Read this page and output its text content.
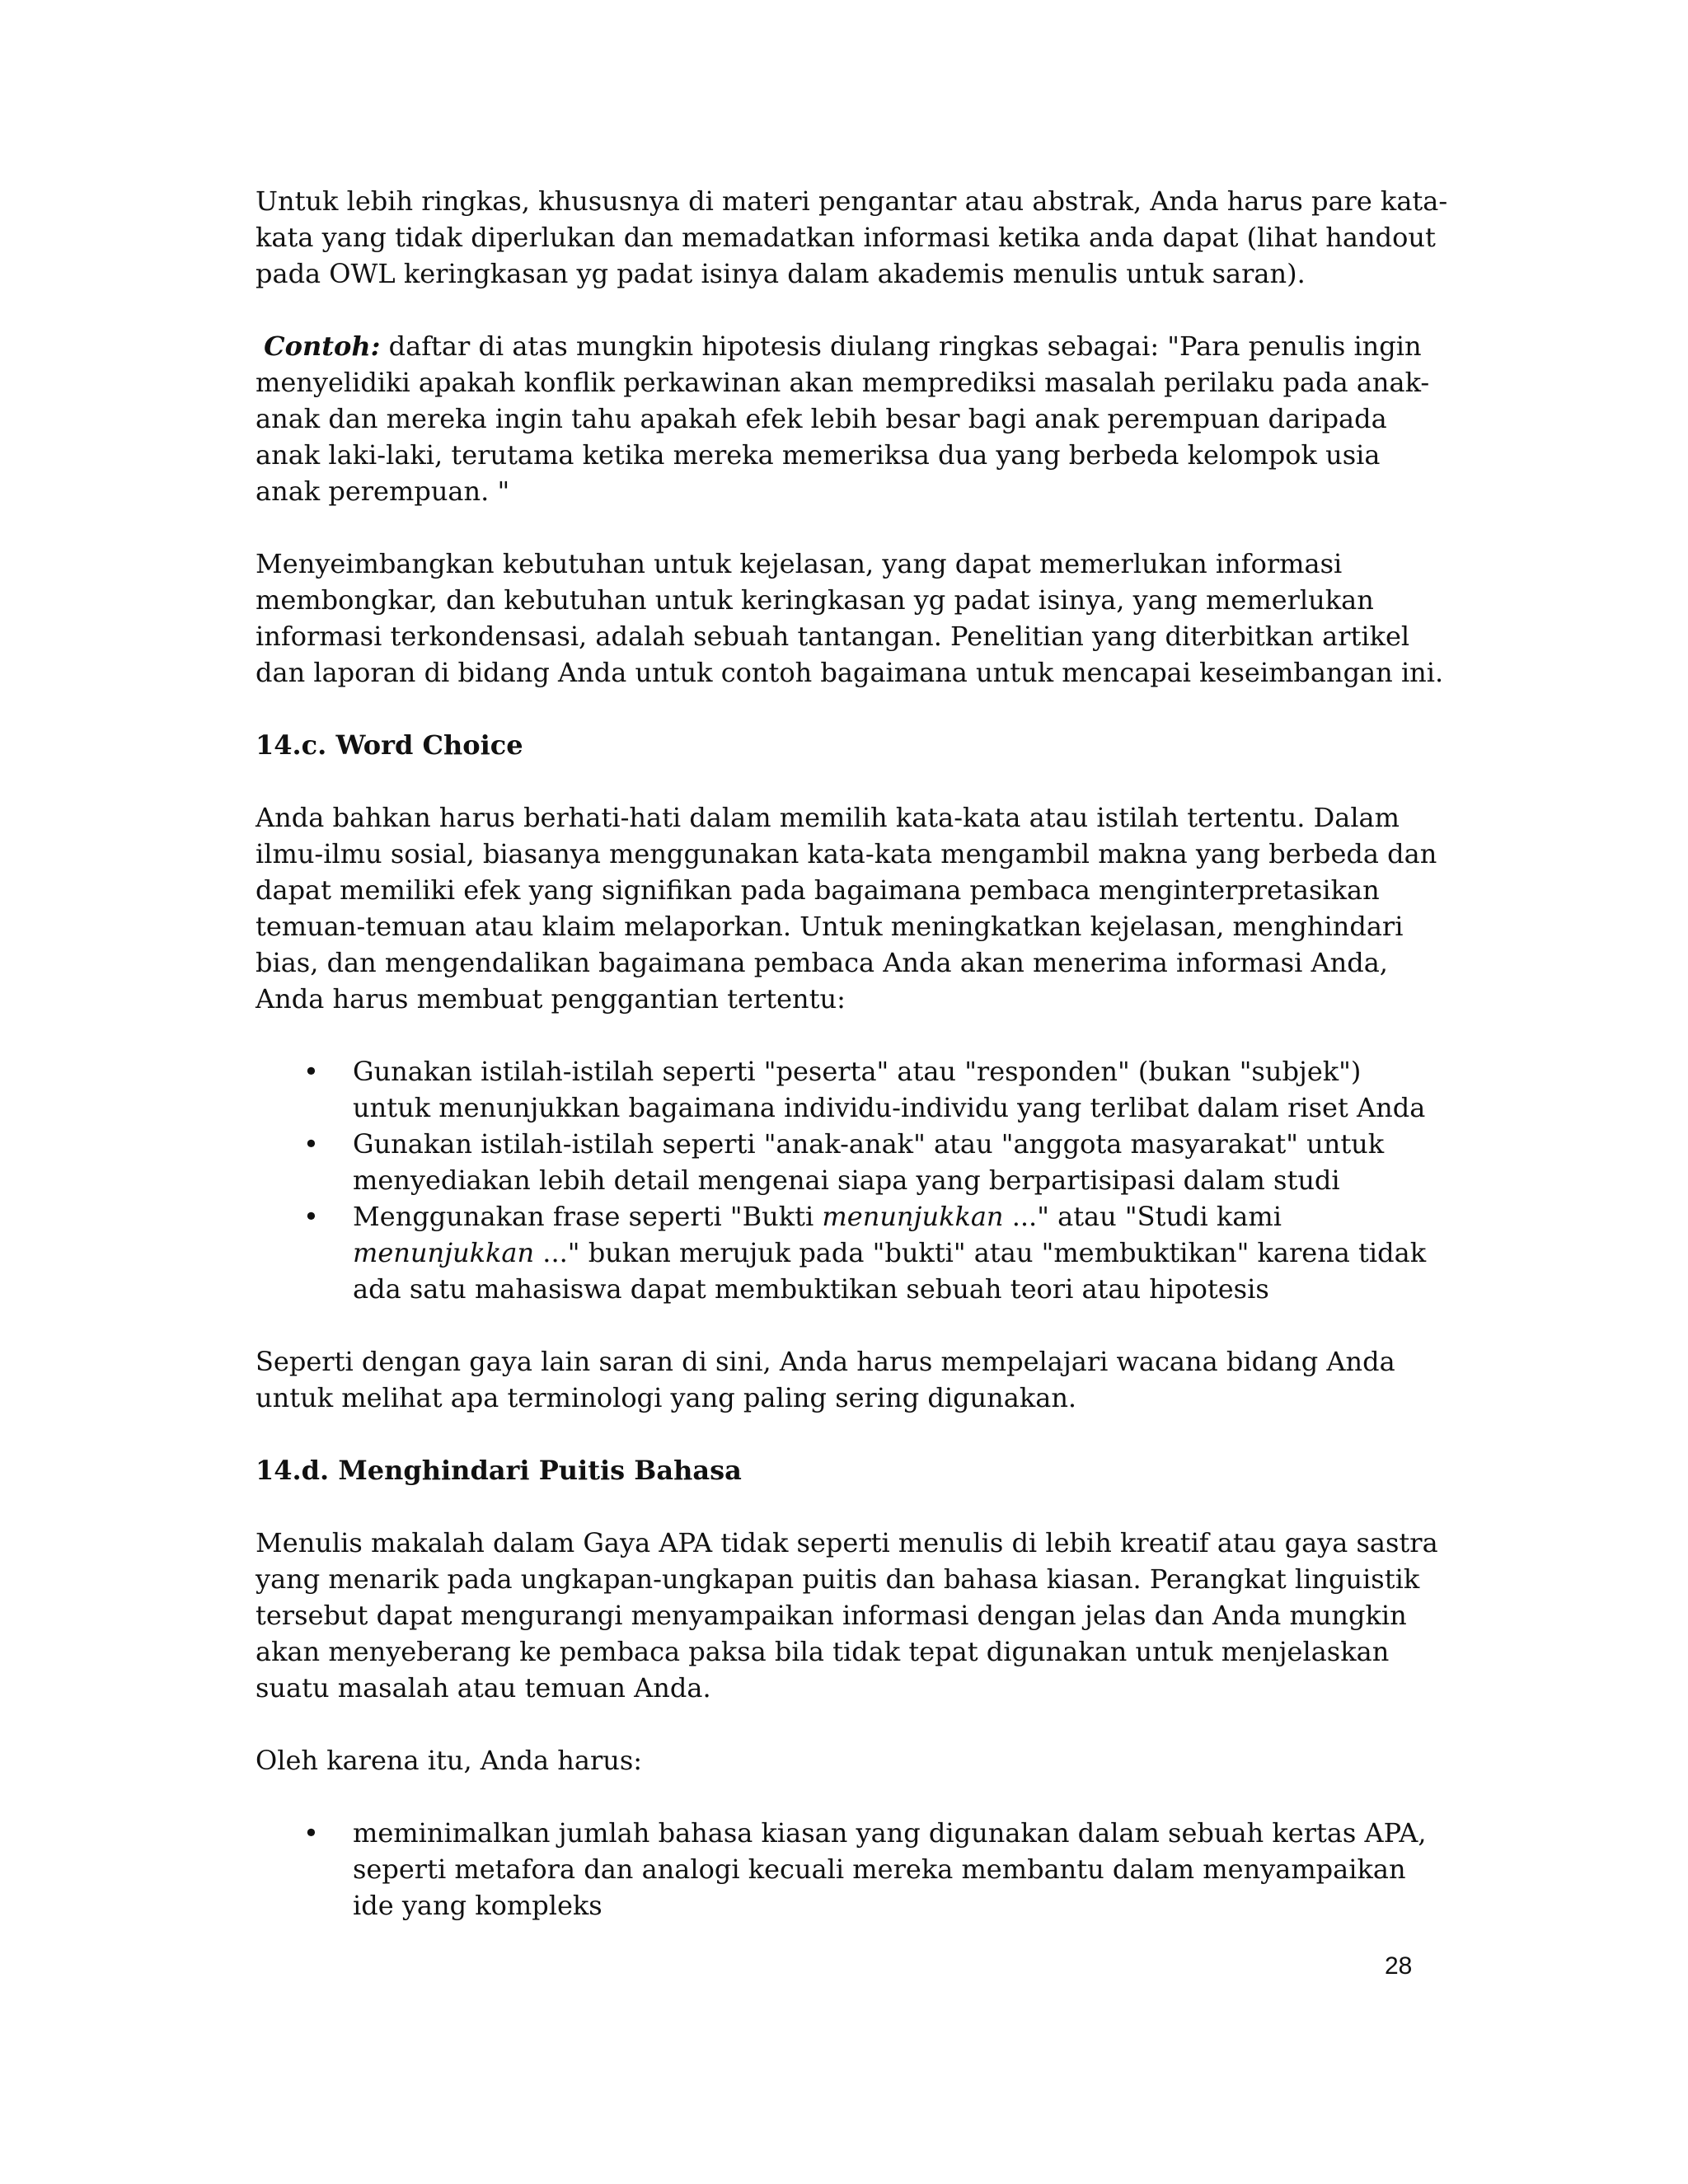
Untuk lebih ringkas, khususnya di materi pengantar atau abstrak, Anda harus pare kata-
kata yang tidak diperlukan dan memadatkan informasi ketika anda dapat (lihat handout
pada OWL keringkasan yg padat isinya dalam akademis menulis untuk saran).
Contoh: daftar di atas mungkin hipotesis diulang ringkas sebagai: "Para penulis ingin
menyelidiki apakah konflik perkawinan akan memprediksi masalah perilaku pada anak-
anak dan mereka ingin tahu apakah efek lebih besar bagi anak perempuan daripada
anak laki-laki, terutama ketika mereka memeriksa dua yang berbeda kelompok usia
anak perempuan. "
Menyeimbangkan kebutuhan untuk kejelasan, yang dapat memerlukan informasi
membongkar, dan kebutuhan untuk keringkasan yg padat isinya, yang memerlukan
informasi terkondensasi, adalah sebuah tantangan. Penelitian yang diterbitkan artikel
dan laporan di bidang Anda untuk contoh bagaimana untuk mencapai keseimbangan ini.
14.c. Word Choice
Anda bahkan harus berhati-hati dalam memilih kata-kata atau istilah tertentu. Dalam
ilmu-ilmu sosial, biasanya menggunakan kata-kata mengambil makna yang berbeda dan
dapat memiliki efek yang signifikan pada bagaimana pembaca menginterpretasikan
temuan-temuan atau klaim melaporkan. Untuk meningkatkan kejelasan, menghindari
bias, dan mengendalikan bagaimana pembaca Anda akan menerima informasi Anda,
Anda harus membuat penggantian tertentu:
• Gunakan istilah-istilah seperti "peserta" atau "responden" (bukan "subjek")
untuk menunjukkan bagaimana individu-individu yang terlibat dalam riset Anda
• Gunakan istilah-istilah seperti "anak-anak" atau "anggota masyarakat" untuk
menyediakan lebih detail mengenai siapa yang berpartisipasi dalam studi
• Menggunakan frase seperti "Bukti menunjukkan ..." atau "Studi kami
menunjukkan ..." bukan merujuk pada "bukti" atau "membuktikan" karena tidak
ada satu mahasiswa dapat membuktikan sebuah teori atau hipotesis
Seperti dengan gaya lain saran di sini, Anda harus mempelajari wacana bidang Anda
untuk melihat apa terminologi yang paling sering digunakan.
14.d. Menghindari Puitis Bahasa
Menulis makalah dalam Gaya APA tidak seperti menulis di lebih kreatif atau gaya sastra
yang menarik pada ungkapan-ungkapan puitis dan bahasa kiasan. Perangkat linguistik
tersebut dapat mengurangi menyampaikan informasi dengan jelas dan Anda mungkin
akan menyeberang ke pembaca paksa bila tidak tepat digunakan untuk menjelaskan
suatu masalah atau temuan Anda.
Oleh karena itu, Anda harus:
• meminimalkan jumlah bahasa kiasan yang digunakan dalam sebuah kertas APA,
seperti metafora dan analogi kecuali mereka membantu dalam menyampaikan
ide yang kompleks
28
